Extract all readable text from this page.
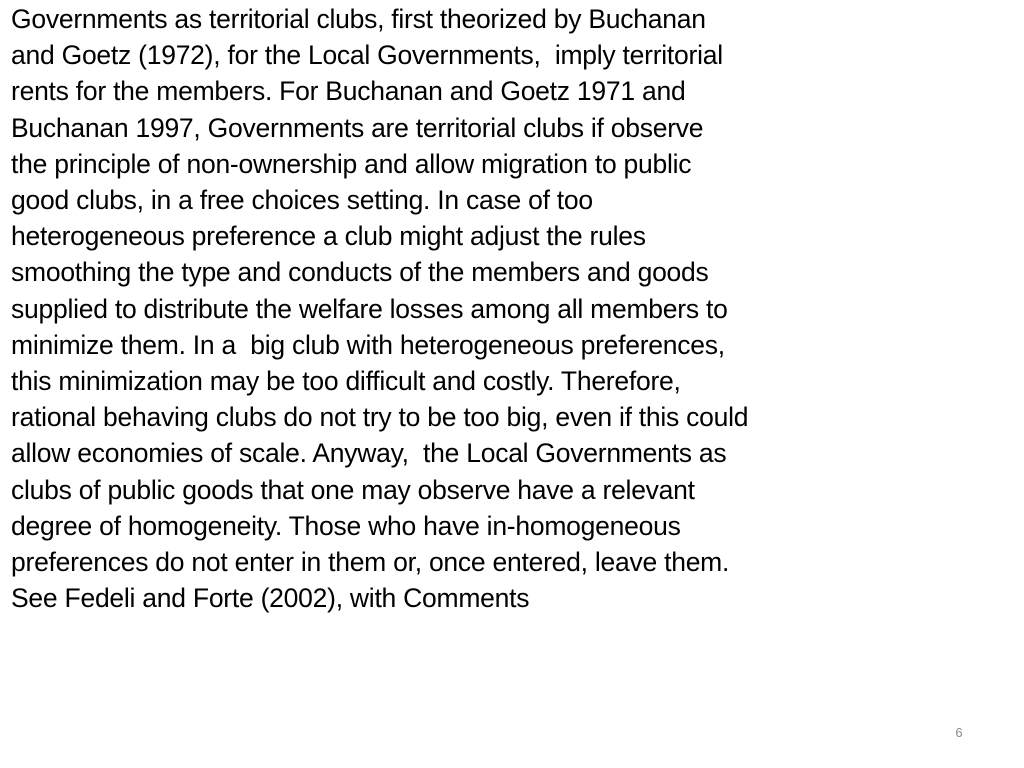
Governments as territorial clubs, first theorized by Buchanan
and Goetz (1972), for the Local Governments,  imply territorial
rents for the members. For Buchanan and Goetz 1971 and
Buchanan 1997, Governments are territorial clubs if observe
the principle of non-ownership and allow migration to public
good clubs, in a free choices setting. In case of too
heterogeneous preference a club might adjust the rules
smoothing the type and conducts of the members and goods
supplied to distribute the welfare losses among all members to
minimize them. In a  big club with heterogeneous preferences,
this minimization may be too difficult and costly. Therefore,
rational behaving clubs do not try to be too big, even if this could
allow economies of scale. Anyway,  the Local Governments as
clubs of public goods that one may observe have a relevant
degree of homogeneity. Those who have in-homogeneous
preferences do not enter in them or, once entered, leave them.
See Fedeli and Forte (2002), with Comments
6
